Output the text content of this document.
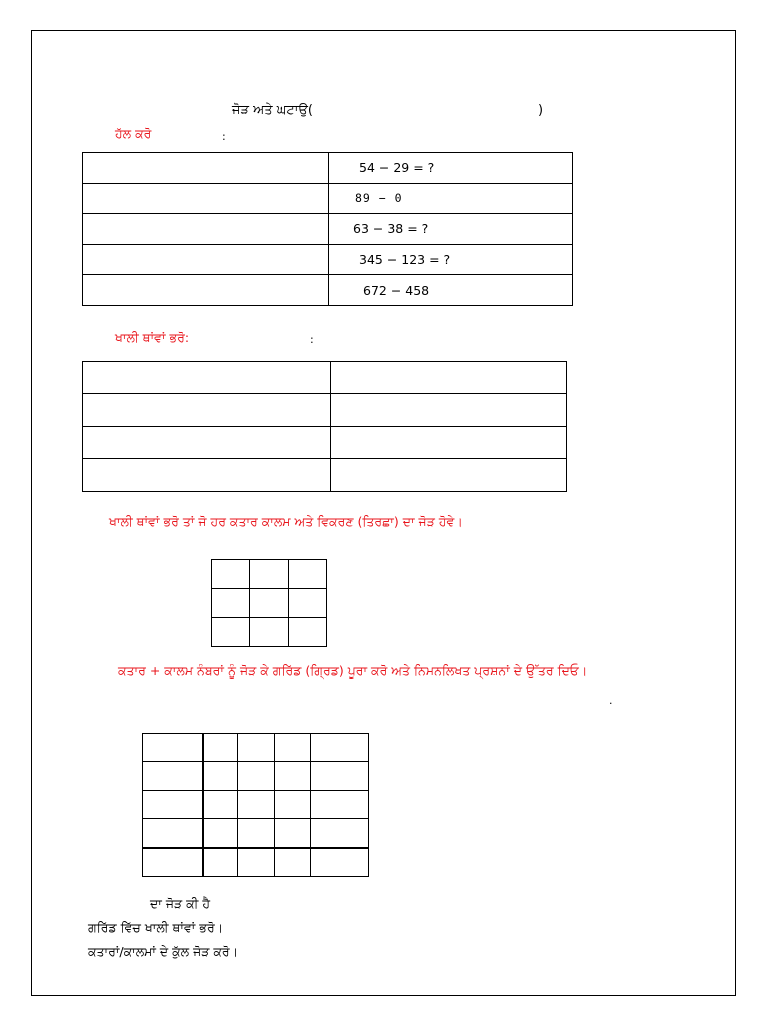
ਜੋੜ ਅਤੇ ਘਟਾਉ(	)
ਹੱਲ ਕਰੋ	:
	54 − 29 = ?
	89 − 0
	63 − 38 = ?
	345 − 123 = ?
	672 − 458
ਖਾਲੀ ਥਾਂਵਾਂ ਭਰੋ:	:

ਖਾਲੀ ਥਾਂਵਾਂ ਭਰੋ ਤਾਂ ਜੋ ਹਰ ਕਤਾਰ ਕਾਲਮ ਅਤੇ ਵਿਕਰਣ (ਤਿਰਛਾ) ਦਾ ਜੋੜ ਹੋਵੇ।

ਕਤਾਰ + ਕਾਲਮ ਨੰਬਰਾਂ ਨੂੰ ਜੋੜ ਕੇ ਗਰਿੱਡ (ਗ੍ਰਿਡ) ਪੂਰਾ ਕਰੋ ਅਤੇ ਨਿਮਨਲਿਖਤ ਪ੍ਰਸ਼ਨਾਂ ਦੇ ਉੱਤਰ ਦਿਓ।
.

ਦਾ ਜੋੜ ਕੀ ਹੈ
ਗਰਿੱਡ ਵਿੱਚ ਖਾਲੀ ਥਾਂਵਾਂ ਭਰੋ।
ਕਤਾਰਾਂ/ਕਾਲਮਾਂ ਦੇ ਕੁੱਲ ਜੋੜ ਕਰੋ।
